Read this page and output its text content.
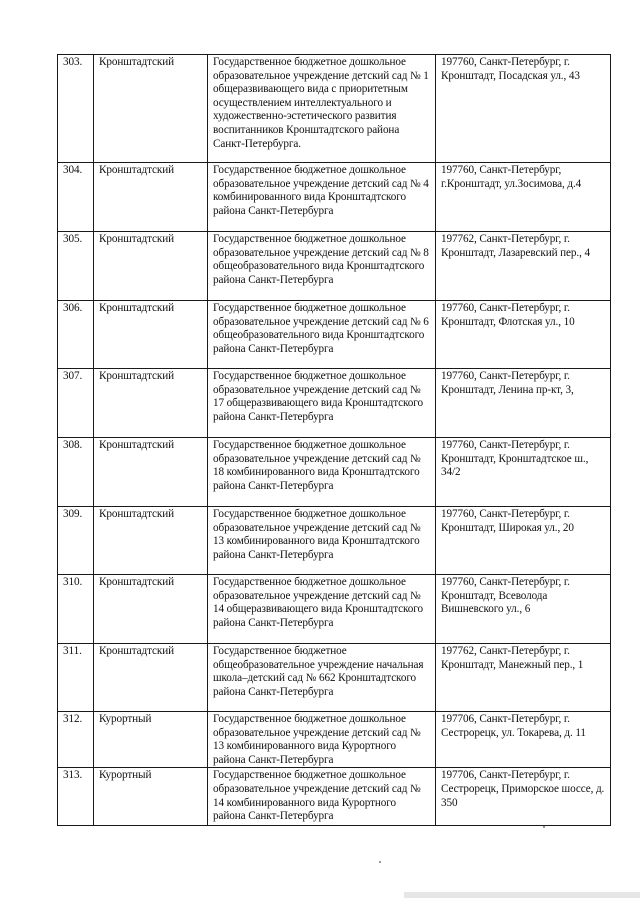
303.	Кронштадтский	Государственное бюджетное дошкольное образовательное учреждение детский сад № 1 общеразвивающего вида с приоритетным осуществлением интеллектуального и художественно-эстетического развития воспитанников Кронштадтского района Санкт-Петербурга.	197760, Санкт-Петербург, г. Кронштадт, Посадская ул., 43
304.	Кронштадтский	Государственное бюджетное дошкольное образовательное учреждение детский сад № 4 комбинированного вида Кронштадтского района Санкт-Петербурга	197760, Санкт-Петербург, г.Кронштадт, ул.Зосимова, д.4
305.	Кронштадтский	Государственное бюджетное дошкольное образовательное учреждение детский сад № 8 общеобразовательного вида Кронштадтского района Санкт-Петербурга	197762, Санкт-Петербург, г. Кронштадт, Лазаревский пер., 4
306.	Кронштадтский	Государственное бюджетное дошкольное образовательное учреждение детский сад № 6 общеобразовательного вида Кронштадтского района Санкт-Петербурга	197760, Санкт-Петербург, г. Кронштадт, Флотская ул., 10
307.	Кронштадтский	Государственное бюджетное дошкольное образовательное учреждение детский сад № 17 общеразвивающего вида Кронштадтского района Санкт-Петербурга	197760, Санкт-Петербург, г. Кронштадт, Ленина пр-кт, 3,
308.	Кронштадтский	Государственное бюджетное дошкольное образовательное учреждение детский сад № 18 комбинированного вида Кронштадтского района Санкт-Петербурга	197760, Санкт-Петербург, г. Кронштадт, Кронштадтское ш., 34/2
309.	Кронштадтский	Государственное бюджетное дошкольное образовательное учреждение детский сад № 13 комбинированного вида Кронштадтского района Санкт-Петербурга	197760, Санкт-Петербург, г. Кронштадт, Широкая ул., 20
310.	Кронштадтский	Государственное бюджетное дошкольное образовательное учреждение детский сад № 14 общеразвивающего вида Кронштадтского района Санкт-Петербурга	197760, Санкт-Петербург, г. Кронштадт, Всеволода Вишневского ул., 6
311.	Кронштадтский	Государственное бюджетное общеобразовательное учреждение начальная школа–детский сад № 662 Кронштадтского района Санкт-Петербурга	197762, Санкт-Петербург, г. Кронштадт, Манежный пер., 1
312.	Курортный	Государственное бюджетное дошкольное образовательное учреждение детский сад № 13 комбинированного вида Курортного района Санкт-Петербурга	197706, Санкт-Петербург, г. Сестрорецк, ул. Токарева, д. 11
313.	Курортный	Государственное бюджетное дошкольное образовательное учреждение детский сад № 14 комбинированного вида Курортного района Санкт-Петербурга	197706, Санкт-Петербург, г. Сестрорецк, Приморское шоссе, д. 350
